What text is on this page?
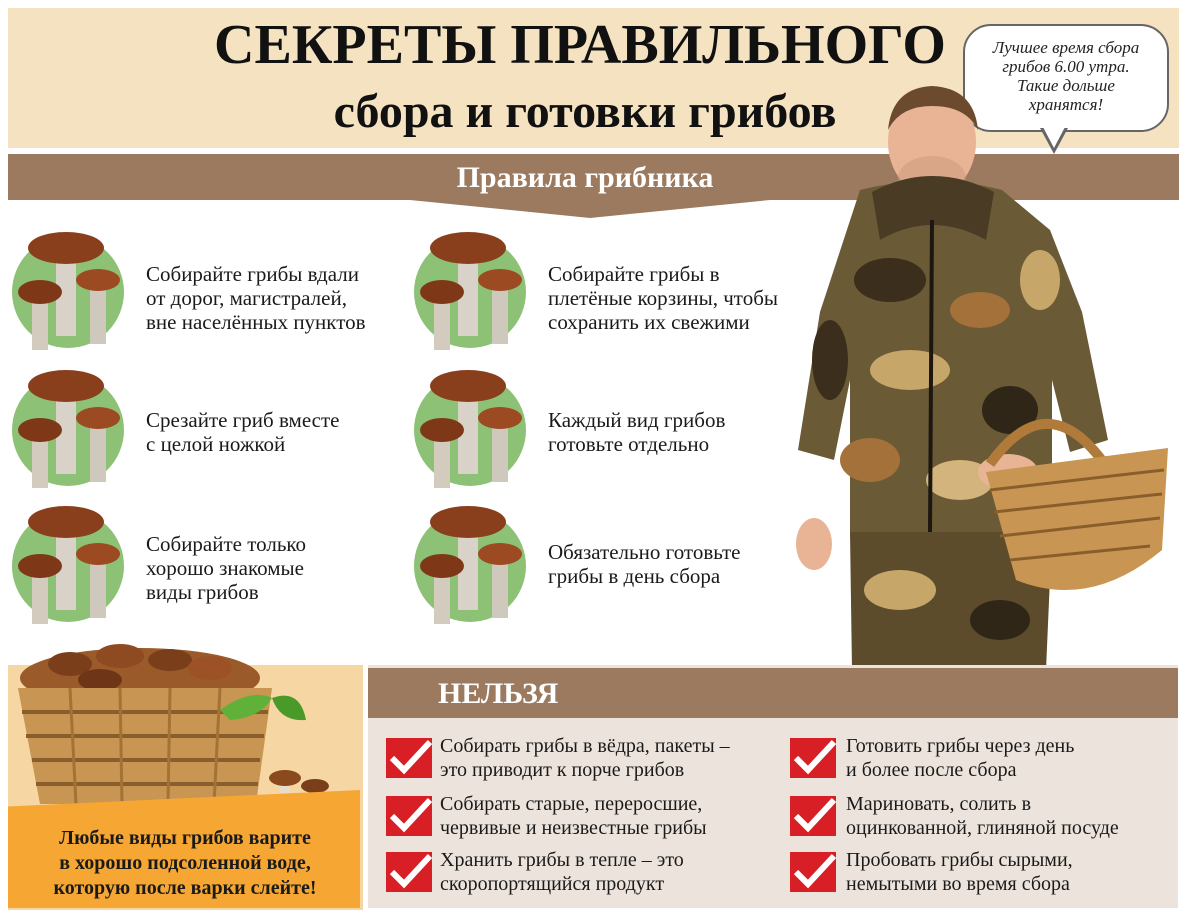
СЕКРЕТЫ ПРАВИЛЬНОГО
сбора и готовки грибов
Лучшее время сбора
грибов 6.00 утра.
Такие дольше
хранятся!
Правила грибника
Собирайте грибы вдали
от дорог, магистралей,
вне населённых пунктов
Срезайте гриб вместе
с целой ножкой
Собирайте только
хорошо знакомые
виды грибов
Собирайте грибы в
плетёные корзины, чтобы
сохранить их свежими
Каждый вид грибов
готовьте отдельно
Обязательно готовьте
грибы в день сбора
Любые виды грибов варите
в хорошо подсоленной воде,
которую после варки слейте!
НЕЛЬЗЯ
Собирать грибы в вёдра, пакеты –
это приводит к порче грибов
Собирать старые, переросшие,
червивые и неизвестные грибы
Хранить грибы в тепле – это
скоропортящийся продукт
Готовить грибы через день
и более после сбора
Мариновать, солить в
оцинкованной, глиняной посуде
Пробовать грибы сырыми,
немытыми во время сбора
